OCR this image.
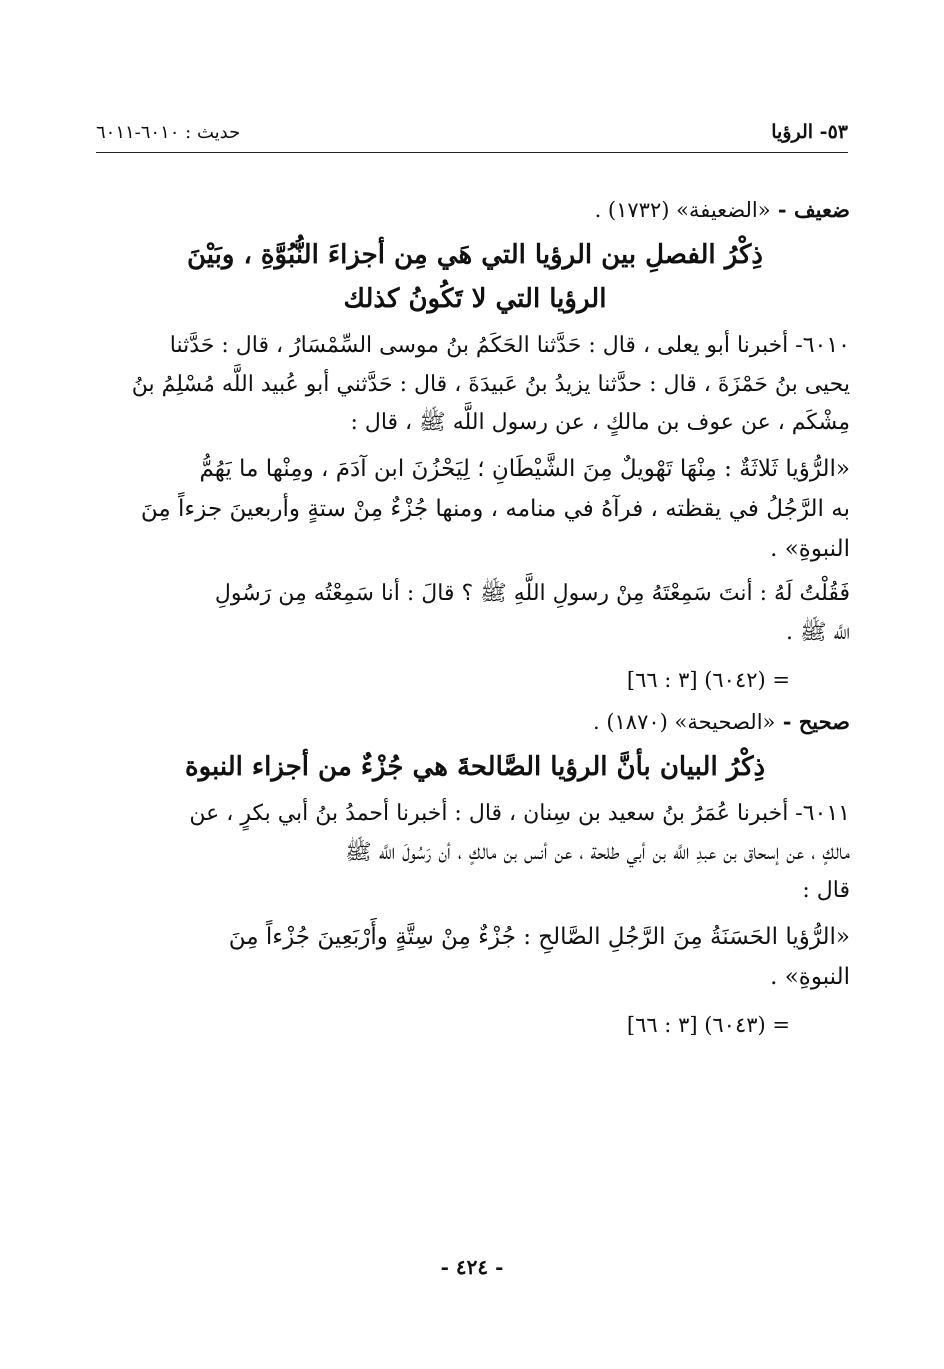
٥٣- الرؤيا
حديث : ٦٠١٠-٦٠١١

ضعيف - «الضعيفة» (١٧٣٢) .

ذِكْرُ الفصلِ بين الرؤيا التي هَي مِن أجزاءَ النُّبُوَّةِ ، وبَيْنَ
الرؤيا التي لا تَكُونُ كذلك

٦٠١٠- أخبرنا أبو يعلى ، قال : حَدَّثنا الحَكَمُ بنُ موسى السِّمْسَارُ ، قال : حَدَّثنا

يحيى بنُ حَمْزَةَ ، قال : حدَّثنا يزيدُ بنُ عَبيدَةَ ، قال : حَدَّثني أبو عُبيد اللَّه مُسْلِمُ بنُ

مِشْكَم ، عن عوف بن مالكٍ ، عن رسول اللَّه ﷺ ، قال :

«الرُّؤيا ثَلاثَةٌ : مِنْهَا تَهْويلٌ مِنَ الشَّيْطَانِ ؛ لِيَحْزُنَ ابن آدَمَ ، ومِنْها ما يَهُمُّ

به الرَّجُلُ في يقظته ، فرآهُ في منامه ، ومنها جُزْءٌ مِنْ ستةٍ وأربعينَ جزءاً مِنَ

النبوةِ» .

فَقُلْتُ لَهُ : أنتَ سَمِعْتَهُ مِنْ رسولِ اللَّهِ ﷺ ؟ قالَ : أنا سَمِعْتُه مِن رَسُولِ

اللَّه ﷺ .

= (٦٠٤٢) [٣ : ٦٦]

صحيح - «الصحيحة» (١٨٧٠) .

ذِكْرُ البيان بأنَّ الرؤيا الصَّالحةَ هي جُزْءٌ من أجزاء النبوة

٦٠١١- أخبرنا عُمَرُ بنُ سعيد بن سِنان ، قال : أخبرنا أحمدُ بنُ أبي بكرٍ ، عن

مالكٍ ، عن إسحاق بن عبدِ اللَّه بن أبي طلحة ، عن أنس بن مالكٍ ، أن رَسُولَ اللَّه ﷺ

قال :

«الرُّؤيا الحَسَنَةُ مِنَ الرَّجُلِ الصَّالحِ : جُزْءٌ مِنْ سِتَّةٍ وأَرْبَعِينَ جُزْءاً مِنَ

النبوةِ» .

= (٦٠٤٣) [٣ : ٦٦]

- ٤٢٤ -
